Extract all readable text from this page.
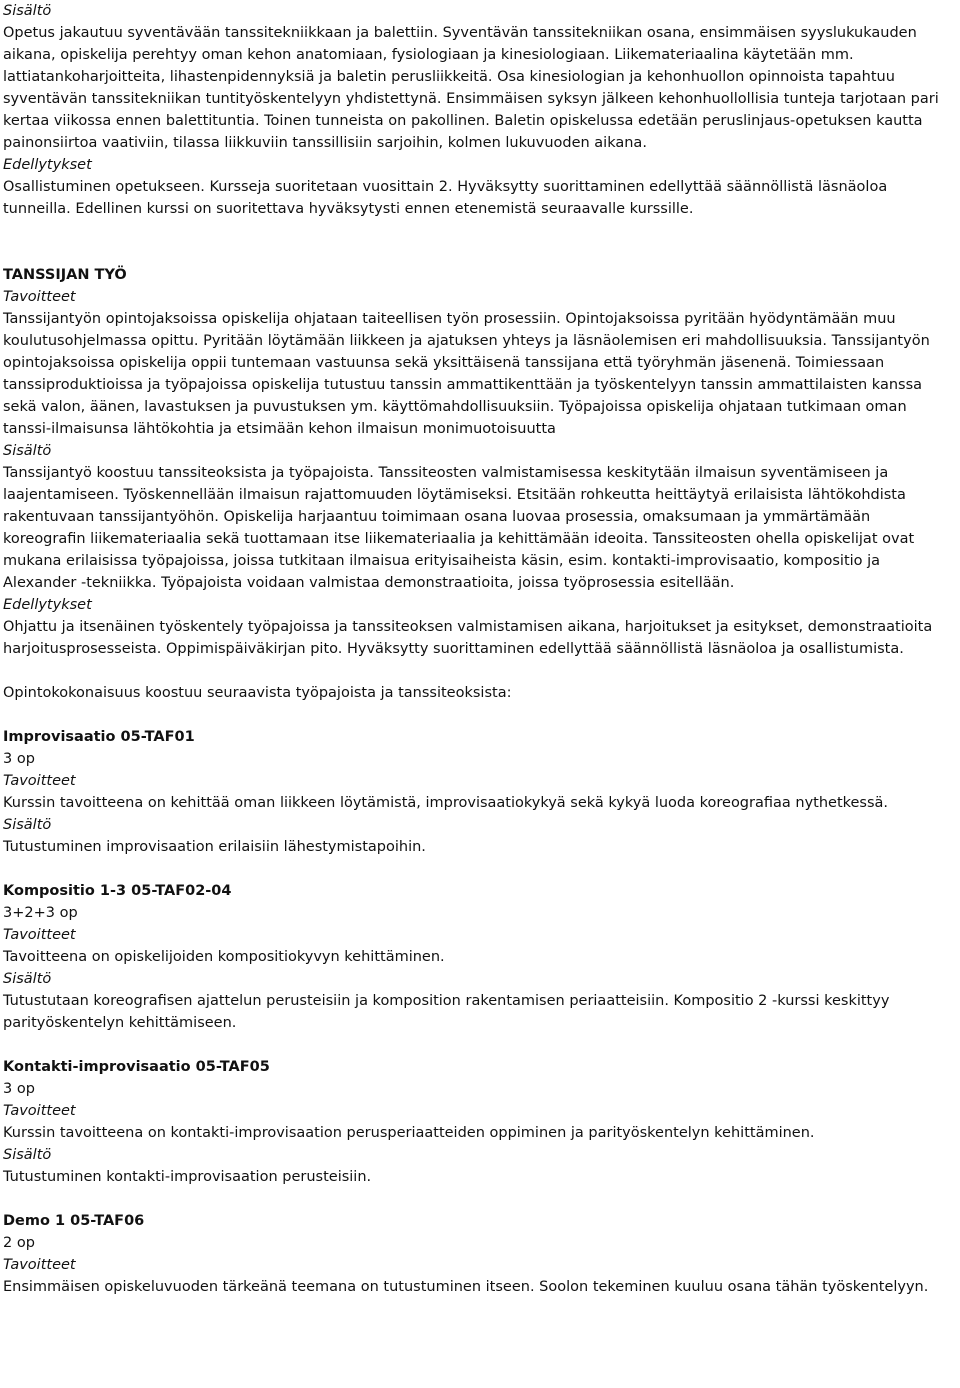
Sisältö

Opetus jakautuu syventävään tanssitekniikkaan ja balettiin. Syventävän tanssitekniikan osana, ensimmäisen syyslukukauden aikana, opiskelija perehtyy oman kehon anatomiaan, fysiologiaan ja kinesiologiaan. Liikemateriaalina käytetään mm. lattiatankoharjoitteita, lihastenpidennyksiä ja baletin perusliikkeitä. Osa kinesiologian ja kehonhuollon opinnoista tapahtuu syventävän tanssitekniikan tuntityöskentelyyn yhdistettynä. Ensimmäisen syksyn jälkeen kehonhuollollisia tunteja tarjotaan pari kertaa viikossa ennen balettituntia. Toinen tunneista on pakollinen. Baletin opiskelussa edetään peruslinjaus-opetuksen kautta painonsiirtoa vaativiin, tilassa liikkuviin tanssillisiin sarjoihin, kolmen lukuvuoden aikana.

Edellytykset

Osallistuminen opetukseen. Kursseja suoritetaan vuosittain 2. Hyväksytty suorittaminen edellyttää säännöllistä läsnäoloa tunneilla. Edellinen kurssi on suoritettava hyväksytysti ennen etenemistä seuraavalle kurssille.

TANSSIJAN TYÖ

Tavoitteet

Tanssijantyön opintojaksoissa opiskelija ohjataan taiteellisen työn prosessiin. Opintojaksoissa pyritään hyödyntämään muu koulutusohjelmassa opittu. Pyritään löytämään liikkeen ja ajatuksen yhteys ja läsnäolemisen eri mahdollisuuksia. Tanssijantyön opintojaksoissa opiskelija oppii tuntemaan vastuunsa sekä yksittäisenä tanssijana että työryhmän jäsenenä. Toimiessaan tanssiproduktioissa ja työpajoissa opiskelija tutustuu tanssin ammattikenttään ja työskentelyyn tanssin ammattilaisten kanssa sekä valon, äänen, lavastuksen ja puvustuksen ym. käyttömahdollisuuksiin. Työpajoissa opiskelija ohjataan tutkimaan oman tanssi-ilmaisunsa lähtökohtia ja etsimään kehon ilmaisun monimuotoisuutta

Sisältö

Tanssijantyö koostuu tanssiteoksista ja työpajoista. Tanssiteosten valmistamisessa keskitytään ilmaisun syventämiseen ja laajentamiseen. Työskennellään ilmaisun rajattomuuden löytämiseksi. Etsitään rohkeutta heittäytyä erilaisista lähtökohdista rakentuvaan tanssijantyöhön. Opiskelija harjaantuu toimimaan osana luovaa prosessia, omaksumaan ja ymmärtämään koreografin liikemateriaalia sekä tuottamaan itse liikemateriaalia ja kehittämään ideoita. Tanssiteosten ohella opiskelijat ovat mukana erilaisissa työpajoissa, joissa tutkitaan ilmaisua erityisaiheista käsin, esim. kontakti-improvisaatio, kompositio ja Alexander -tekniikka. Työpajoista voidaan valmistaa demonstraatioita, joissa työprosessia esitellään.

Edellytykset

Ohjattu ja itsenäinen työskentely työpajoissa ja tanssiteoksen valmistamisen aikana, harjoitukset ja esitykset, demonstraatioita harjoitusprosesseista. Oppimispäiväkirjan pito. Hyväksytty suorittaminen edellyttää säännöllistä läsnäoloa ja osallistumista.

Opintokokonaisuus koostuu seuraavista työpajoista ja tanssiteoksista:

Improvisaatio 05-TAF01

3 op

Tavoitteet

Kurssin tavoitteena on kehittää oman liikkeen löytämistä, improvisaatiokykyä sekä kykyä luoda koreografiaa nythetkessä.

Sisältö

Tutustuminen improvisaation erilaisiin lähestymistapoihin.

Kompositio 1-3 05-TAF02-04

3+2+3 op

Tavoitteet

Tavoitteena on opiskelijoiden kompositiokyvyn kehittäminen.

Sisältö

Tutustutaan koreografisen ajattelun perusteisiin ja komposition rakentamisen periaatteisiin. Kompositio 2 -kurssi keskittyy parityöskentelyn kehittämiseen.

Kontakti-improvisaatio 05-TAF05

3 op

Tavoitteet

Kurssin tavoitteena on kontakti-improvisaation perusperiaatteiden oppiminen ja parityöskentelyn kehittäminen.

Sisältö

Tutustuminen kontakti-improvisaation perusteisiin.

Demo 1 05-TAF06

2 op

Tavoitteet

Ensimmäisen opiskeluvuoden tärkeänä teemana on tutustuminen itseen. Soolon tekeminen kuuluu osana tähän työskentelyyn.
